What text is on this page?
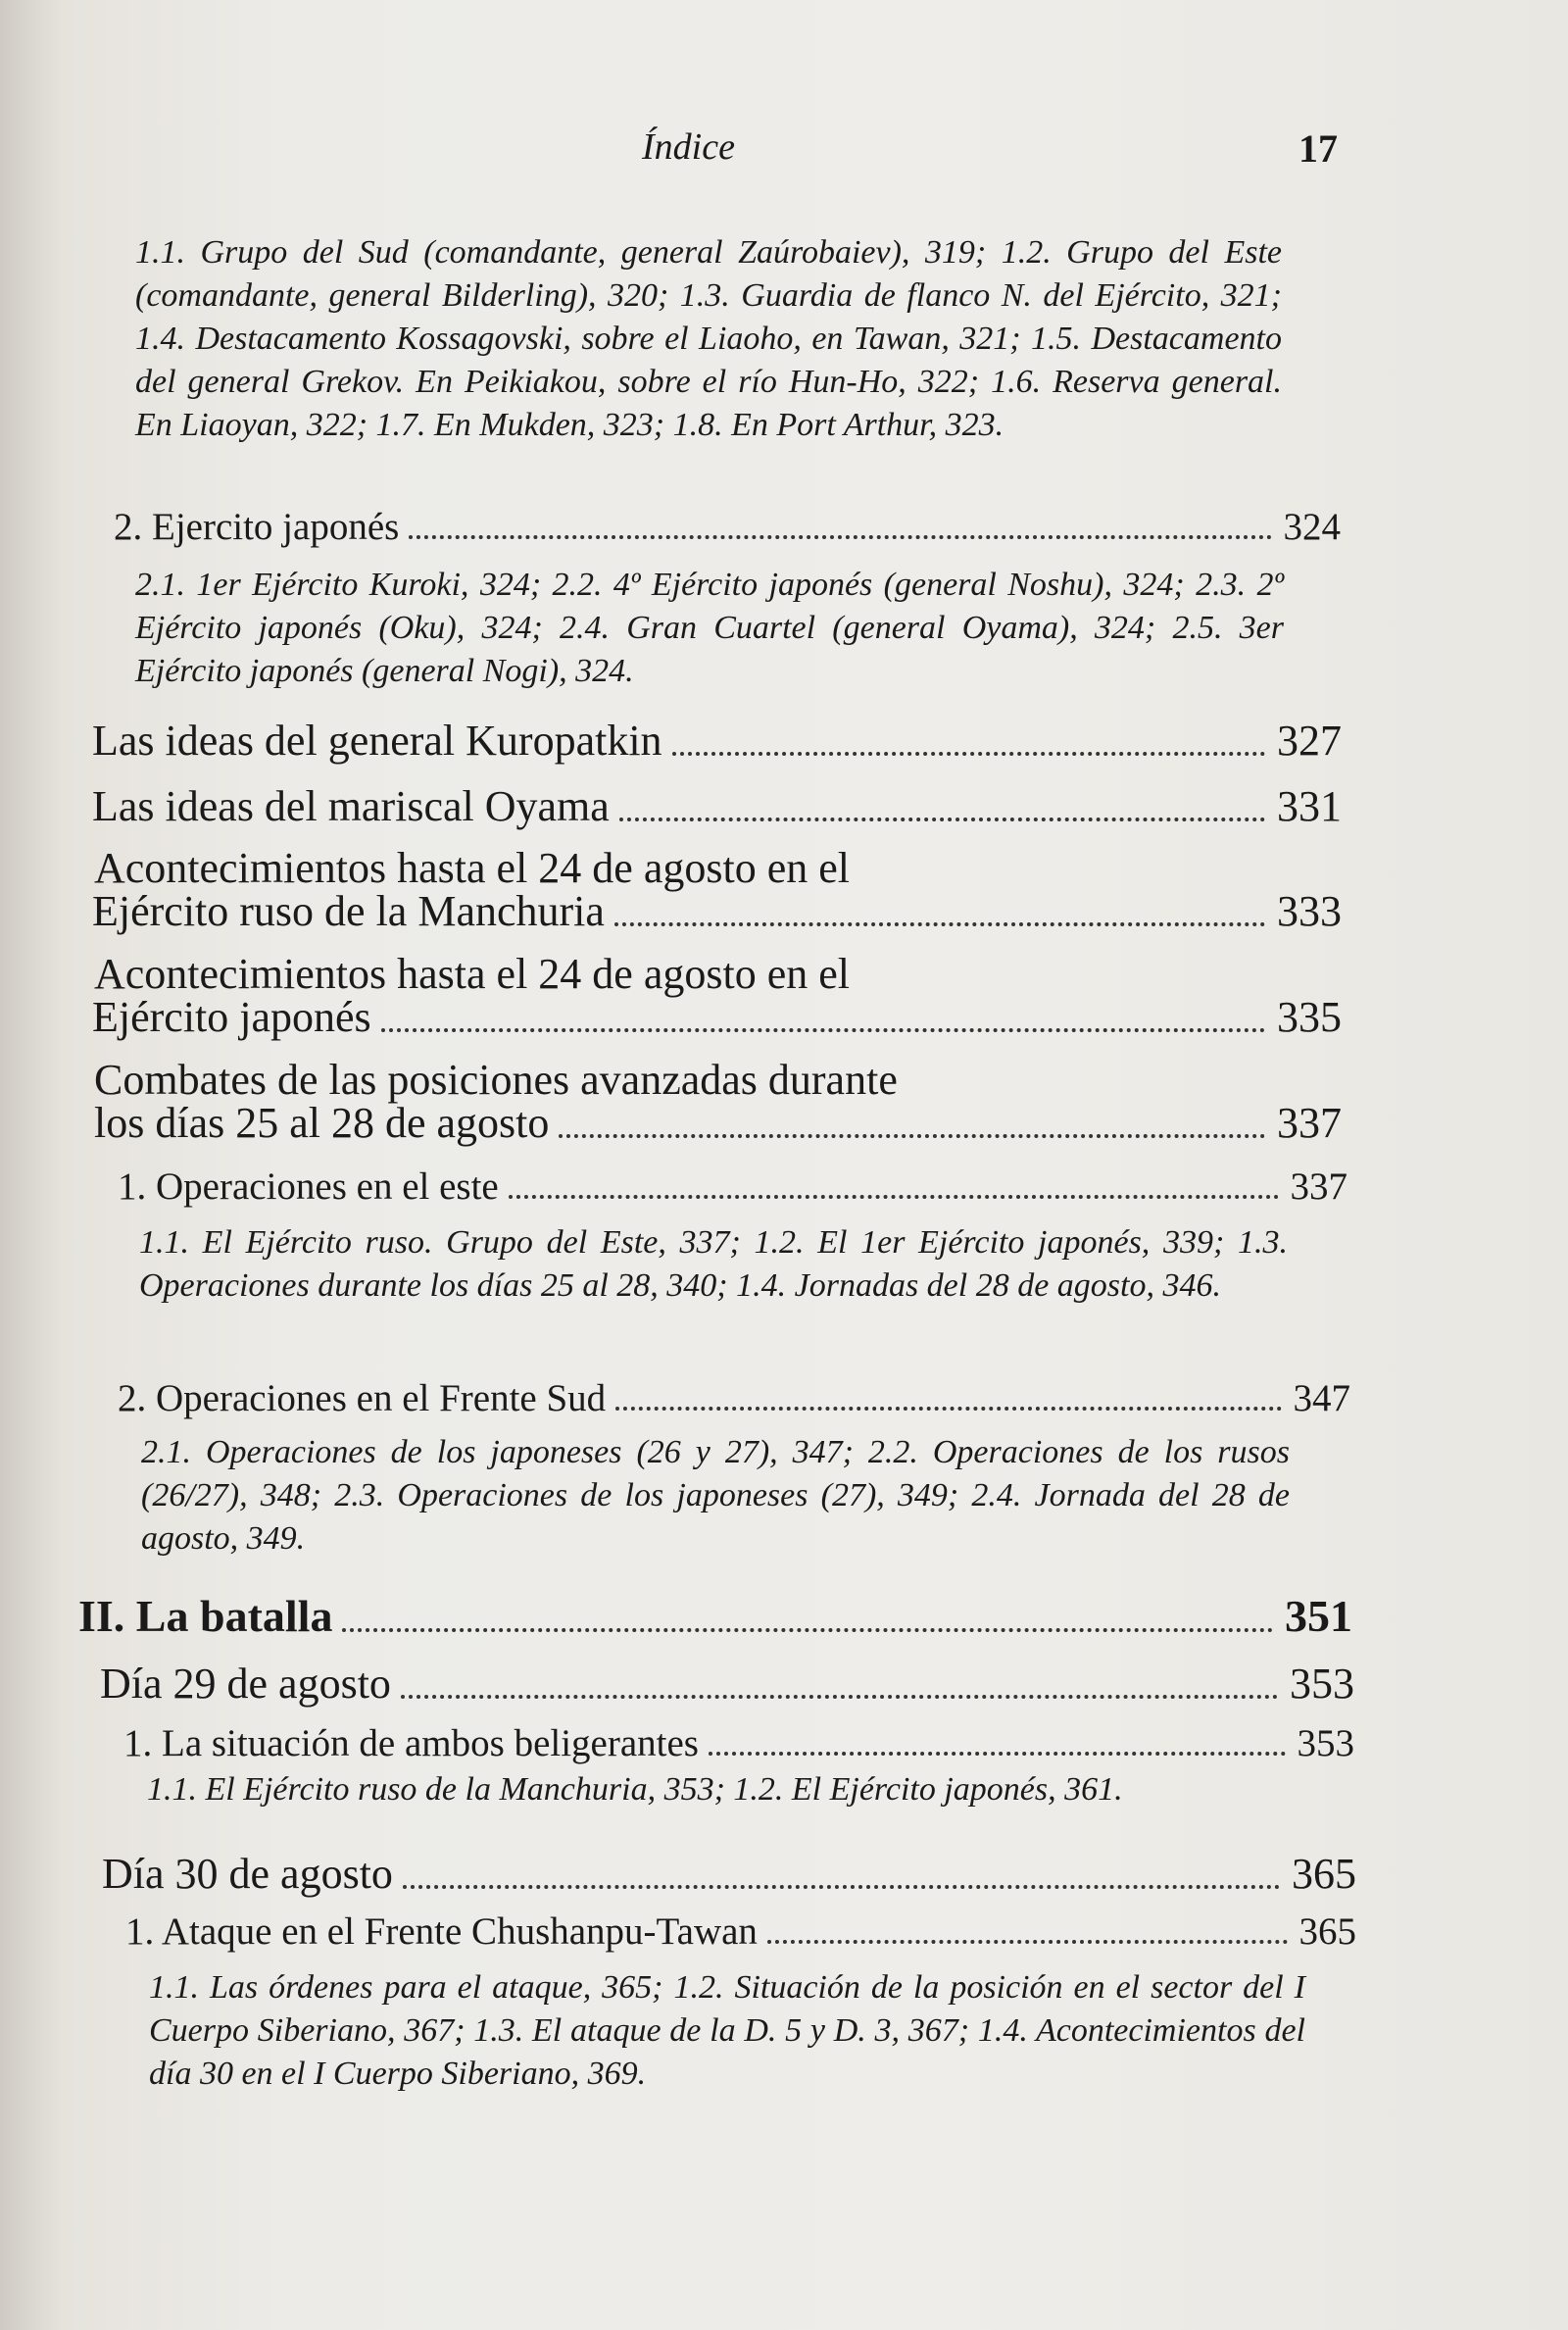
Índice	17
1.1. Grupo del Sud (comandante, general Zaúrobaiev), 319; 1.2. Grupo del Este (comandante, general Bilderling), 320; 1.3. Guardia de flanco N. del Ejército, 321; 1.4. Destacamento Kossagovski, sobre el Liaoho, en Tawan, 321; 1.5. Destacamento del general Grekov. En Peikiakou, sobre el río Hun-Ho, 322; 1.6. Reserva general. En Liaoyan, 322; 1.7. En Mukden, 323; 1.8. En Port Arthur, 323.
2. Ejercito japonés	324
2.1. 1er Ejército Kuroki, 324; 2.2. 4º Ejército japonés (general Noshu), 324; 2.3. 2º Ejército japonés (Oku), 324; 2.4. Gran Cuartel (general Oyama), 324; 2.5. 3er Ejército japonés (general Nogi), 324.
Las ideas del general Kuropatkin	327
Las ideas del mariscal Oyama	331
Acontecimientos hasta el 24 de agosto en el
Ejército ruso de la Manchuria	333
Acontecimientos hasta el 24 de agosto en el
Ejército japonés	335
Combates de las posiciones avanzadas durante
los días 25 al 28 de agosto	337
1. Operaciones en el este	337
1.1. El Ejército ruso. Grupo del Este, 337; 1.2. El 1er Ejército japonés, 339; 1.3. Operaciones durante los días 25 al 28, 340; 1.4. Jornadas del 28 de agosto, 346.
2. Operaciones en el Frente Sud	347
2.1. Operaciones de los japoneses (26 y 27), 347; 2.2. Operaciones de los rusos (26/27), 348; 2.3. Operaciones de los japoneses (27), 349; 2.4. Jornada del 28 de agosto, 349.
II. La batalla	351
Día 29 de agosto	353
1. La situación de ambos beligerantes	353
1.1. El Ejército ruso de la Manchuria, 353; 1.2. El Ejército japonés, 361.
Día 30 de agosto	365
1. Ataque en el Frente Chushanpu-Tawan	365
1.1. Las órdenes para el ataque, 365; 1.2. Situación de la posición en el sector del I Cuerpo Siberiano, 367; 1.3. El ataque de la D. 5 y D. 3, 367; 1.4. Acontecimientos del día 30 en el I Cuerpo Siberiano, 369.
